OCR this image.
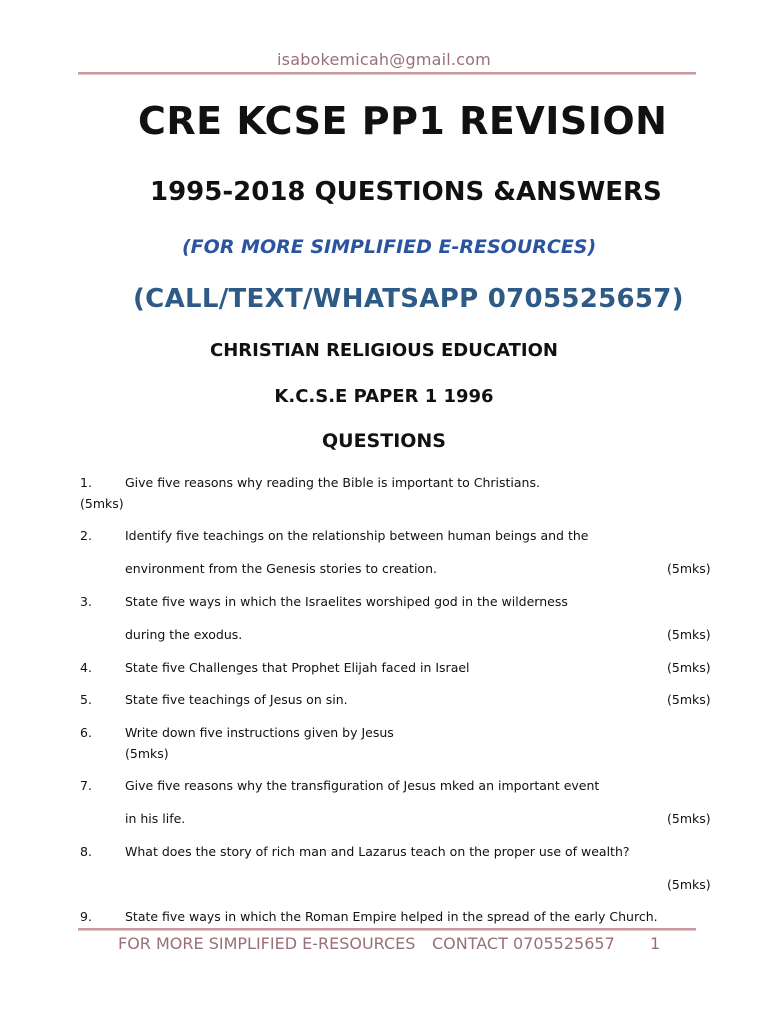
isabokemicah@gmail.com
CRE KCSE PP1 REVISION
1995-2018 QUESTIONS &ANSWERS
(FOR MORE SIMPLIFIED E-RESOURCES)
(CALL/TEXT/WHATSAPP 0705525657)
CHRISTIAN RELIGIOUS EDUCATION
K.C.S.E PAPER 1 1996
QUESTIONS
1.	Give five reasons why reading the Bible is important to Christians.
(5mks)
2.	Identify five teachings on the relationship between human beings and the
environment from the Genesis stories to creation.	(5mks)
3.	State five ways in which the Israelites worshiped god in the wilderness
during the exodus.	(5mks)
4.	State five Challenges that Prophet Elijah faced in Israel	(5mks)
5.	State five teachings of Jesus on sin.	(5mks)
6.	Write down five instructions given by Jesus
(5mks)
7.	Give five reasons why the transfiguration of Jesus mked an important event
in his life.	(5mks)
8.	What does the story of rich man and Lazarus teach on the proper use of wealth?
(5mks)
9.	State five ways in which the Roman Empire helped in the spread of the early Church.
FOR MORE SIMPLIFIED E-RESOURCES CONTACT 0705525657 1
